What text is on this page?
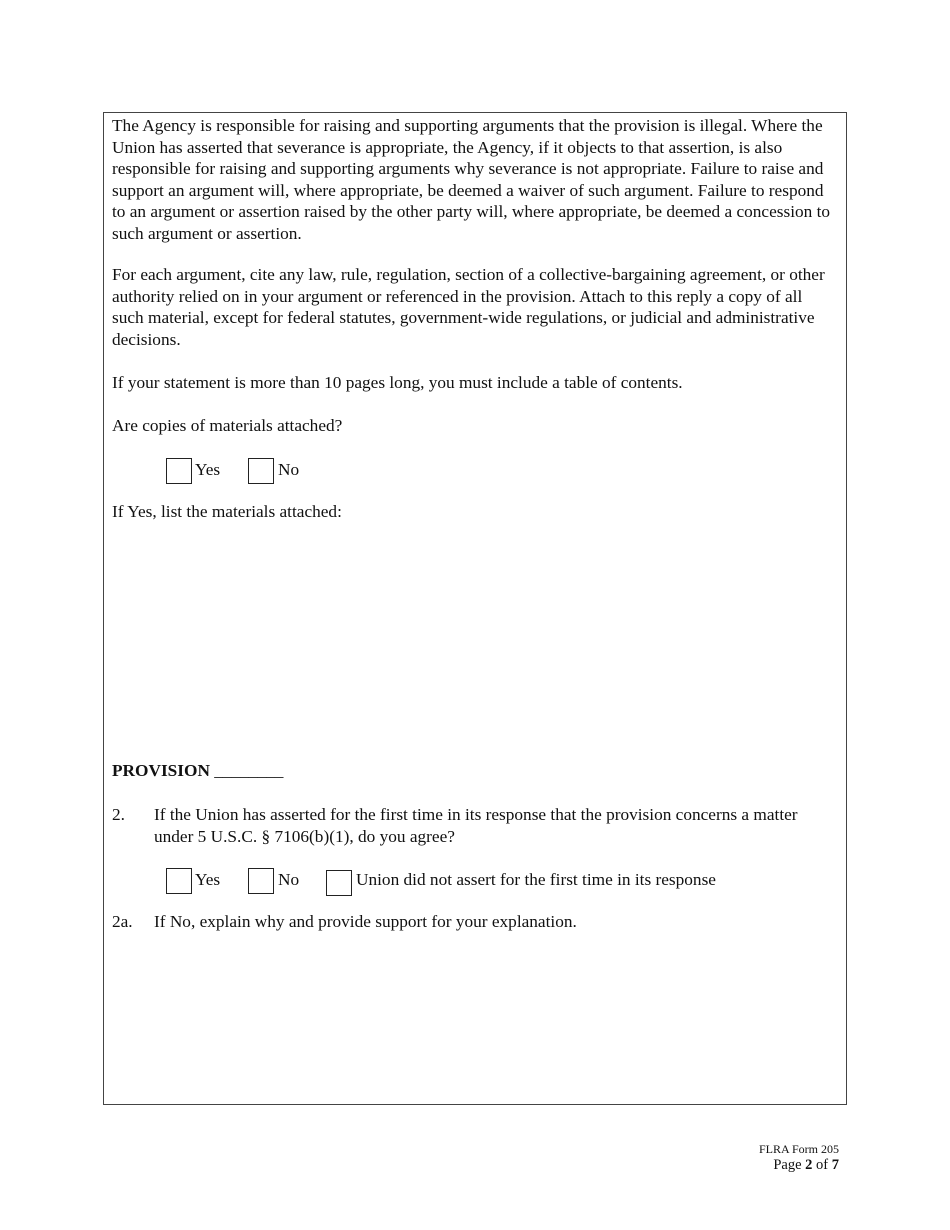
The Agency is responsible for raising and supporting arguments that the provision is illegal. Where the Union has asserted that severance is appropriate, the Agency, if it objects to that assertion, is also responsible for raising and supporting arguments why severance is not appropriate. Failure to raise and support an argument will, where appropriate, be deemed a waiver of such argument. Failure to respond to an argument or assertion raised by the other party will, where appropriate, be deemed a concession to such argument or assertion.

For each argument, cite any law, rule, regulation, section of a collective-bargaining agreement, or other authority relied on in your argument or referenced in the provision. Attach to this reply a copy of all such material, except for federal statutes, government-wide regulations, or judicial and administrative decisions.

If your statement is more than 10 pages long, you must include a table of contents.

Are copies of materials attached?

Yes	No

If Yes, list the materials attached:

PROVISION ________
2. If the Union has asserted for the first time in its response that the provision concerns a matter under 5 U.S.C. § 7106(b)(1), do you agree?

Yes	No	Union did not assert for the first time in its response
2a. If No, explain why and provide support for your explanation.

FLRA Form 205
Page 2 of 7
